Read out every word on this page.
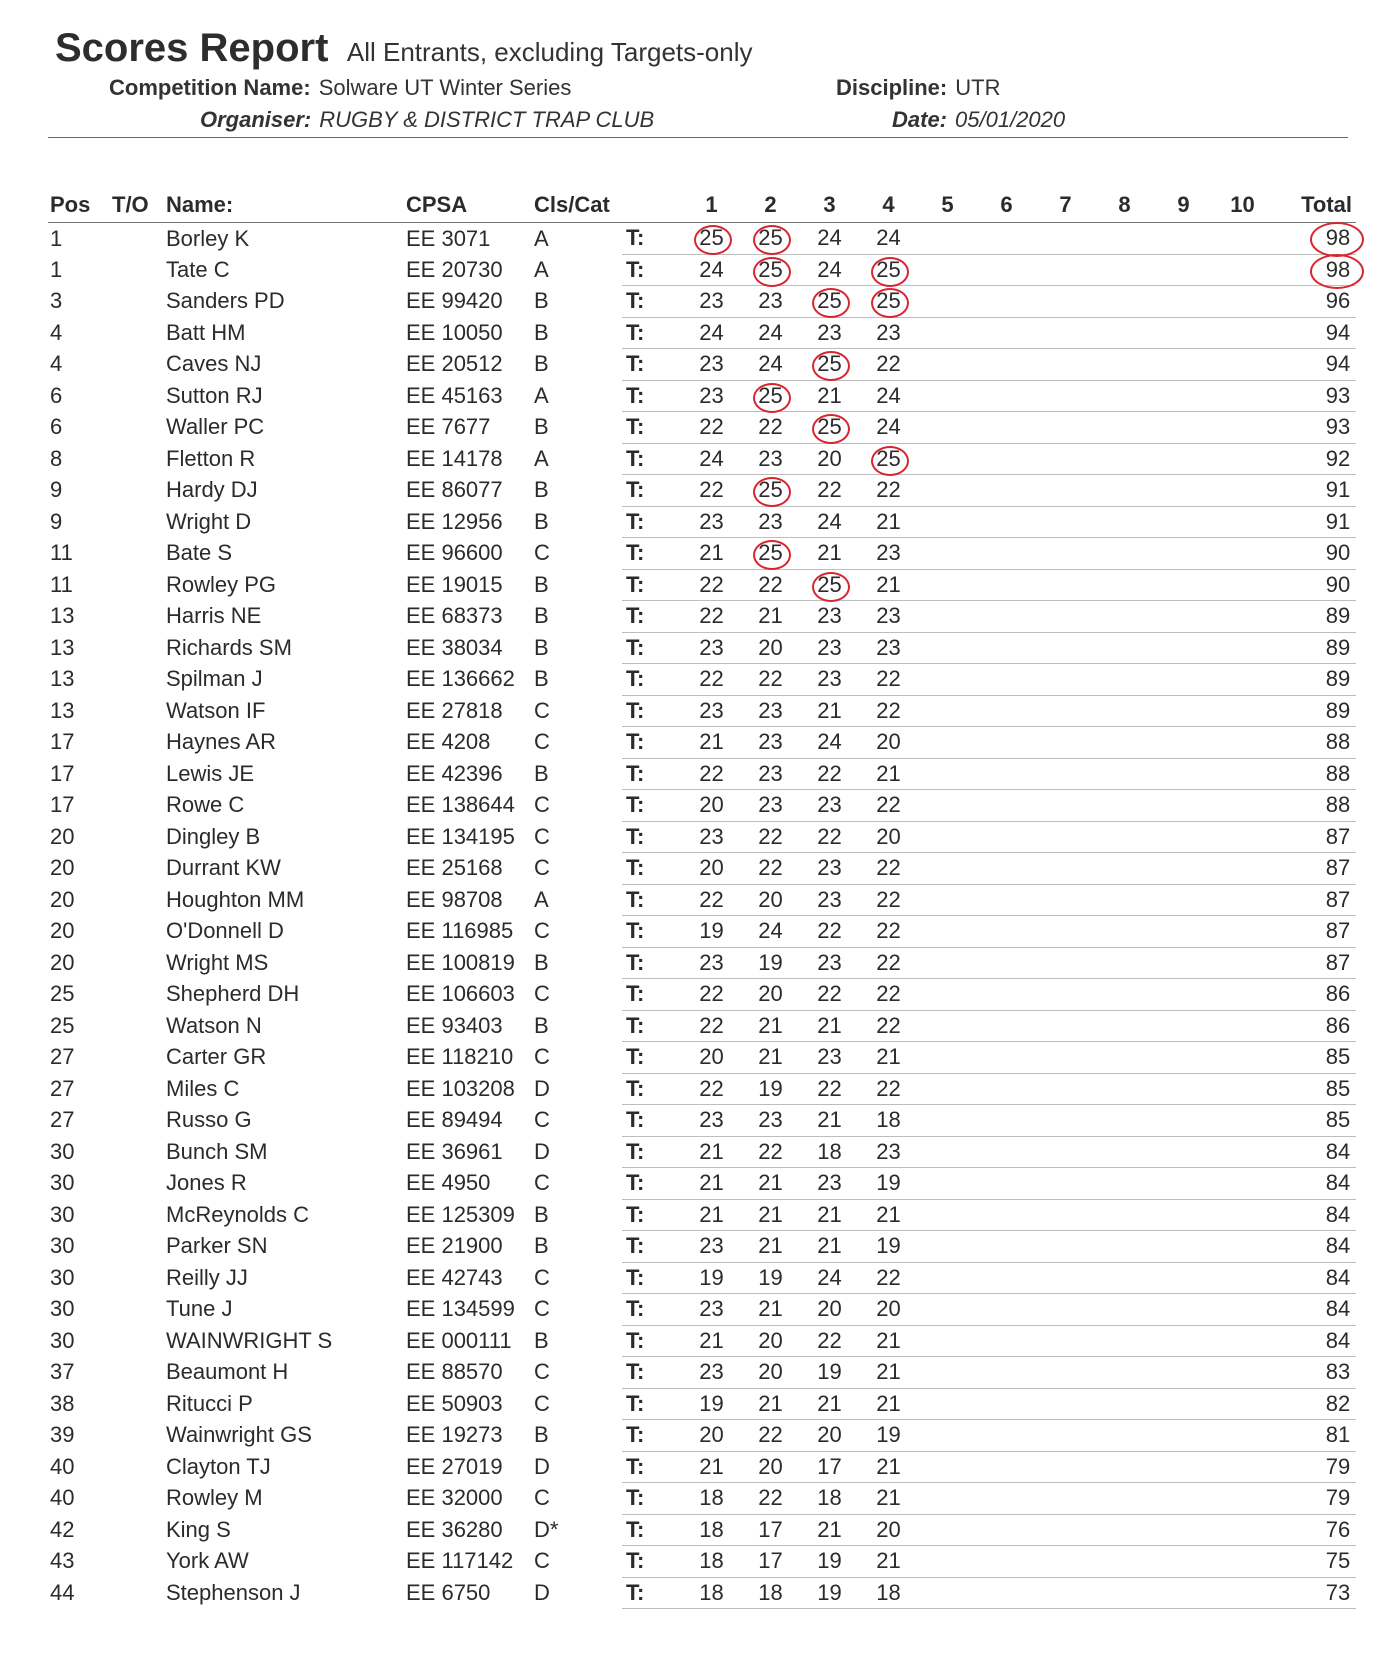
Scores Report All Entrants, excluding Targets-only
Competition Name: Solware UT Winter Series	Discipline: UTR
Organiser: RUGBY & DISTRICT TRAP CLUB	Date: 05/01/2020
Pos	T/O	Name:	CPSA	Cls/Cat		1	2	3	4	5	6	7	8	9	10	Total
1		Borley K	EE 3071	A	T:	25	25	24	24							98
1		Tate C	EE 20730	A	T:	24	25	24	25							98
3		Sanders PD	EE 99420	B	T:	23	23	25	25							96
4		Batt HM	EE 10050	B	T:	24	24	23	23							94
4		Caves NJ	EE 20512	B	T:	23	24	25	22							94
6		Sutton RJ	EE 45163	A	T:	23	25	21	24							93
6		Waller PC	EE 7677	B	T:	22	22	25	24							93
8		Fletton R	EE 14178	A	T:	24	23	20	25							92
9		Hardy DJ	EE 86077	B	T:	22	25	22	22							91
9		Wright D	EE 12956	B	T:	23	23	24	21							91
11		Bate S	EE 96600	C	T:	21	25	21	23							90
11		Rowley PG	EE 19015	B	T:	22	22	25	21							90
13		Harris NE	EE 68373	B	T:	22	21	23	23							89
13		Richards SM	EE 38034	B	T:	23	20	23	23							89
13		Spilman J	EE 136662	B	T:	22	22	23	22							89
13		Watson IF	EE 27818	C	T:	23	23	21	22							89
17		Haynes AR	EE 4208	C	T:	21	23	24	20							88
17		Lewis JE	EE 42396	B	T:	22	23	22	21							88
17		Rowe C	EE 138644	C	T:	20	23	23	22							88
20		Dingley B	EE 134195	C	T:	23	22	22	20							87
20		Durrant KW	EE 25168	C	T:	20	22	23	22							87
20		Houghton MM	EE 98708	A	T:	22	20	23	22							87
20		O'Donnell D	EE 116985	C	T:	19	24	22	22							87
20		Wright MS	EE 100819	B	T:	23	19	23	22							87
25		Shepherd DH	EE 106603	C	T:	22	20	22	22							86
25		Watson N	EE 93403	B	T:	22	21	21	22							86
27		Carter GR	EE 118210	C	T:	20	21	23	21							85
27		Miles C	EE 103208	D	T:	22	19	22	22							85
27		Russo G	EE 89494	C	T:	23	23	21	18							85
30		Bunch SM	EE 36961	D	T:	21	22	18	23							84
30		Jones R	EE 4950	C	T:	21	21	23	19							84
30		McReynolds C	EE 125309	B	T:	21	21	21	21							84
30		Parker SN	EE 21900	B	T:	23	21	21	19							84
30		Reilly JJ	EE 42743	C	T:	19	19	24	22							84
30		Tune J	EE 134599	C	T:	23	21	20	20							84
30		WAINWRIGHT S	EE 000111	B	T:	21	20	22	21							84
37		Beaumont H	EE 88570	C	T:	23	20	19	21							83
38		Ritucci P	EE 50903	C	T:	19	21	21	21							82
39		Wainwright GS	EE 19273	B	T:	20	22	20	19							81
40		Clayton TJ	EE 27019	D	T:	21	20	17	21							79
40		Rowley M	EE 32000	C	T:	18	22	18	21							79
42		King S	EE 36280	D*	T:	18	17	21	20							76
43		York AW	EE 117142	C	T:	18	17	19	21							75
44		Stephenson J	EE 6750	D	T:	18	18	19	18							73
